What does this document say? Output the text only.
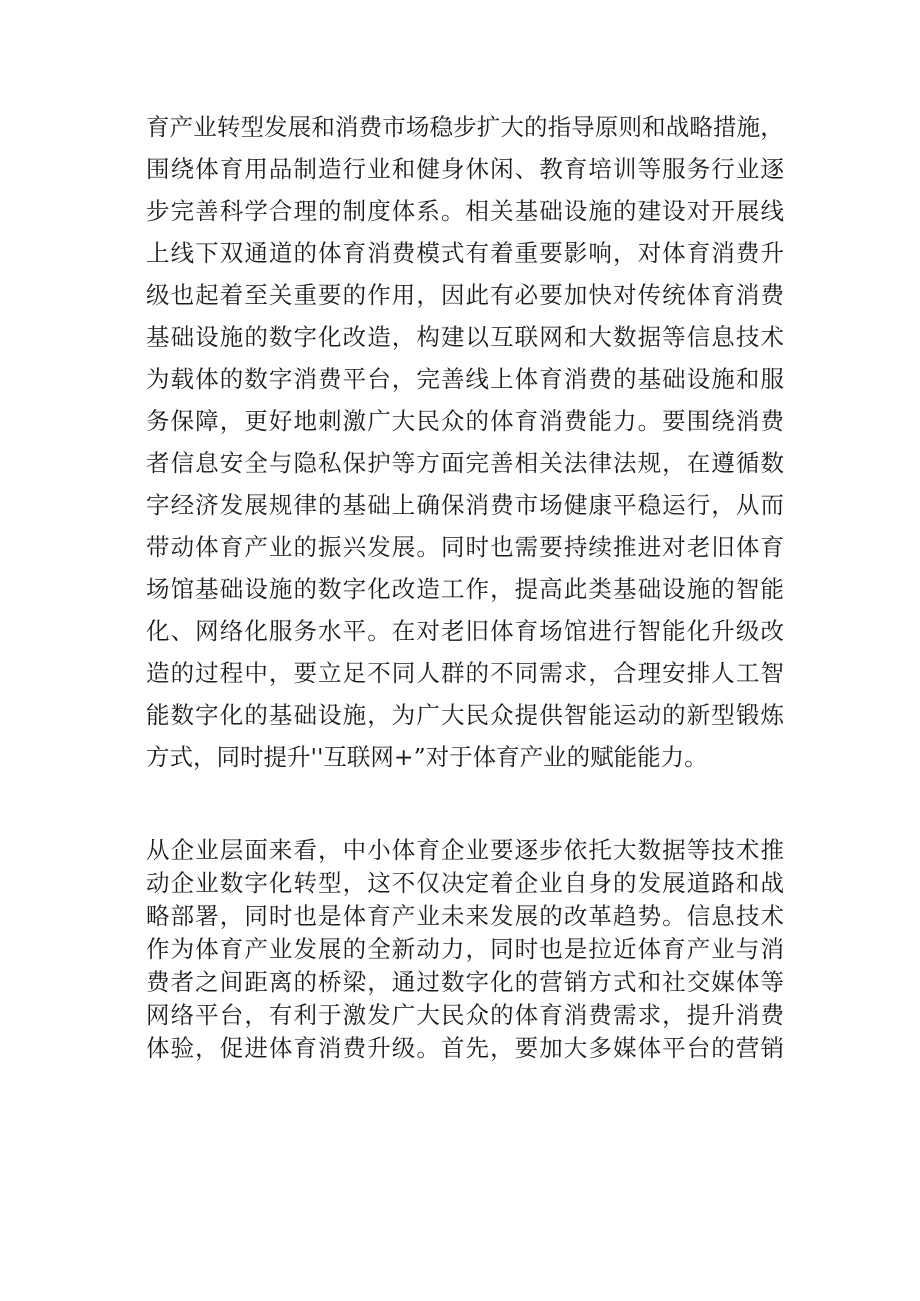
育 产 业 转 型 发 展 和 消 费 市 场 稳 步 扩 大 的 指 导 原 则 和 战 略 措 施 ，
围 绕 体 育 用 品 制 造 行 业 和 健 身 休 闲 、 教 育 培 训 等 服 务 行 业 逐
步 完 善 科 学 合 理 的 制 度 体 系 。 相 关 基 础 设 施 的 建 设 对 开 展 线
上 线 下 双 通 道 的 体 育 消 费 模 式 有 着 重 要 影 响 ， 对 体 育 消 费 升
级 也 起 着 至 关 重 要 的 作 用 ， 因 此 有 必 要 加 快 对 传 统 体 育 消 费
基 础 设 施 的 数 字 化 改 造 ， 构 建 以 互 联 网 和 大 数 据 等 信 息 技 术
为 载 体 的 数 字 消 费 平 台 ， 完 善 线 上 体 育 消 费 的 基 础 设 施 和 服
务 保 障 ， 更 好 地 刺 激 广 大 民 众 的 体 育 消 费 能 力 。 要 围 绕 消 费
者 信 息 安 全 与 隐 私 保 护 等 方 面 完 善 相 关 法 律 法 规 ， 在 遵 循 数
字 经 济 发 展 规 律 的 基 础 上 确 保 消 费 市 场 健 康 平 稳 运 行 ， 从 而
带 动 体 育 产 业 的 振 兴 发 展 。 同 时 也 需 要 持 续 推 进 对 老 旧 体 育
场 馆 基 础 设 施 的 数 字 化 改 造 工 作 ， 提 高 此 类 基 础 设 施 的 智 能
化 、 网 络 化 服 务 水 平 。 在 对 老 旧 体 育 场 馆 进 行 智 能 化 升 级 改
造 的 过 程 中 ， 要 立 足 不 同 人 群 的 不 同 需 求 ， 合 理 安 排 人 工 智
能 数 字 化 的 基 础 设 施 ， 为 广 大 民 众 提 供 智 能 运 动 的 新 型 锻 炼
方式，同时提升''互联网+”对于体育产业的赋能能力。
从 企 业 层 面 来 看 ， 中 小 体 育 企 业 要 逐 步 依 托 大 数 据 等 技 术 推
动 企 业 数 字 化 转 型 ， 这 不 仅 决 定 着 企 业 自 身 的 发 展 道 路 和 战
略 部 署 ， 同 时 也 是 体 育 产 业 未 来 发 展 的 改 革 趋 势 。 信 息 技 术
作 为 体 育 产 业 发 展 的 全 新 动 力 ， 同 时 也 是 拉 近 体 育 产 业 与 消
费 者 之 间 距 离 的 桥 梁 ， 通 过 数 字 化 的 营 销 方 式 和 社 交 媒 体 等
网 络 平 台 ， 有 利 于 激 发 广 大 民 众 的 体 育 消 费 需 求 ， 提 升 消 费
体 验 ， 促 进 体 育 消 费 升 级 。 首 先 ， 要 加 大 多 媒 体 平 台 的 营 销
